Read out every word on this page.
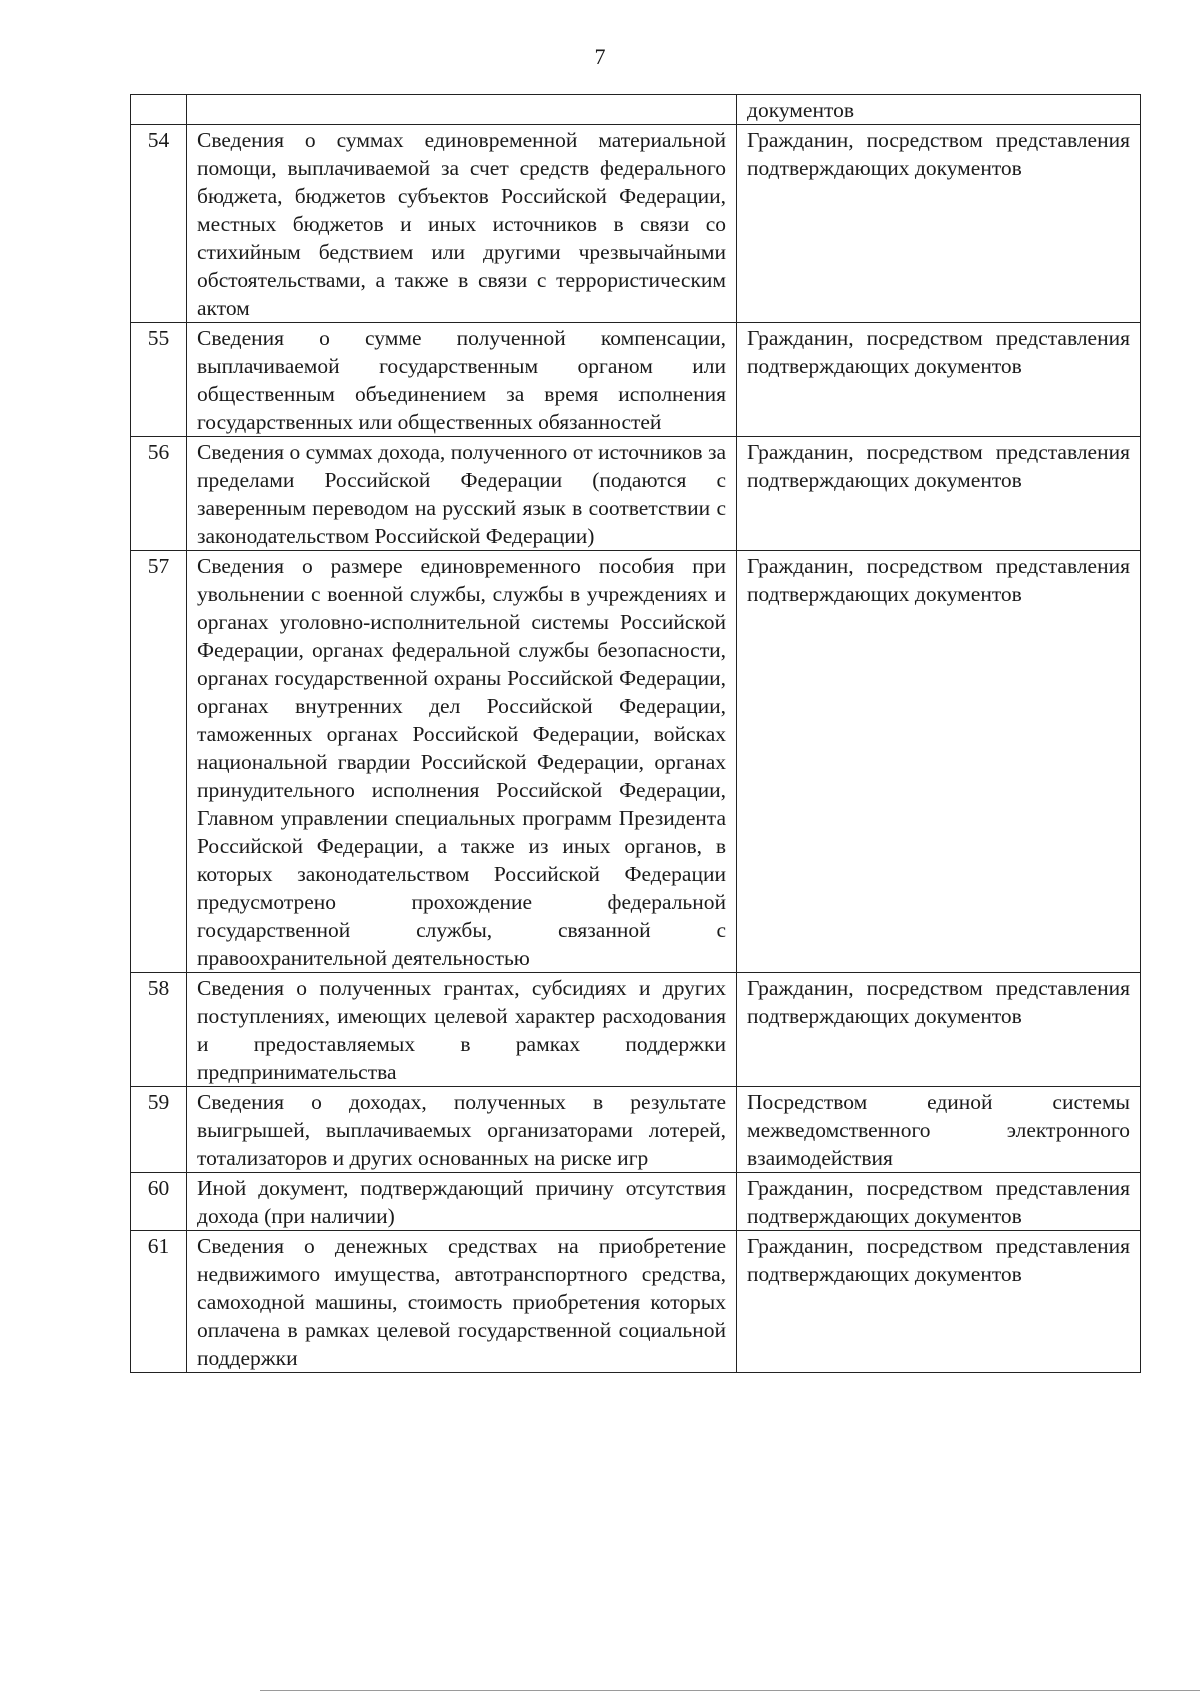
7
		документов
54	Сведения о суммах единовременной материальной помощи, выплачиваемой за счет средств федерального бюджета, бюджетов субъектов Российской Федерации, местных бюджетов и иных источников в связи со стихийным бедствием или другими чрезвычайными обстоятельствами, а также в связи с террористическим актом	Гражданин, посредством представления подтверждающих документов
55	Сведения о сумме полученной компенсации, выплачиваемой государственным органом или общественным объединением за время исполнения государственных или общественных обязанностей	Гражданин, посредством представления подтверждающих документов
56	Сведения о суммах дохода, полученного от источников за пределами Российской Федерации (подаются с заверенным переводом на русский язык в соответствии с законодательством Российской Федерации)	Гражданин, посредством представления подтверждающих документов
57	Сведения о размере единовременного пособия при увольнении с военной службы, службы в учреждениях и органах уголовно-исполнительной системы Российской Федерации, органах федеральной службы безопасности, органах государственной охраны Российской Федерации, органах внутренних дел Российской Федерации, таможенных органах Российской Федерации, войсках национальной гвардии Российской Федерации, органах принудительного исполнения Российской Федерации, Главном управлении специальных программ Президента Российской Федерации, а также из иных органов, в которых законодательством Российской Федерации предусмотрено прохождение федеральной государственной службы, связанной с правоохранительной деятельностью	Гражданин, посредством представления подтверждающих документов
58	Сведения о полученных грантах, субсидиях и других поступлениях, имеющих целевой характер расходования и предоставляемых в рамках поддержки предпринимательства	Гражданин, посредством представления подтверждающих документов
59	Сведения о доходах, полученных в результате выигрышей, выплачиваемых организаторами лотерей, тотализаторов и других основанных на риске игр	Посредством единой системы межведомственного электронного взаимодействия
60	Иной документ, подтверждающий причину отсутствия дохода (при наличии)	Гражданин, посредством представления подтверждающих документов
61	Сведения о денежных средствах на приобретение недвижимого имущества, автотранспортного средства, самоходной машины, стоимость приобретения которых оплачена в рамках целевой государственной социальной поддержки	Гражданин, посредством представления подтверждающих документов
